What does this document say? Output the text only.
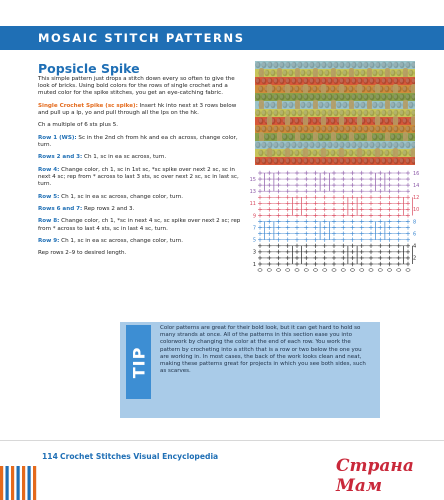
MOSAIC STITCH PATTERNS
Popsicle Spike

This simple pattern just drops a stitch down every so often to give the look of bricks. Using bold colors for the rows of single crochet and a muted color for the spike stitches, you get an eye-catching fabric.

Single Crochet Spike (sc spike): Insert hk into next st 3 rows below and pull up a lp, yo and pull through all the lps on the hk.

Ch a multiple of 6 sts plus 5.

Row 1 (WS): Sc in the 2nd ch from hk and ea ch across, change color, turn.

Rows 2 and 3: Ch 1, sc in ea sc across, turn.

Row 4: Change color, ch 1, sc in 1st sc, *sc spike over next 2 sc, sc in next 4 sc; rep from * across to last 3 sts, sc over next 2 sc, sc in last sc, turn.

Row 5: Ch 1, sc in ea sc across, change color, turn.

Rows 6 and 7: Rep rows 2 and 3.

Row 8: Change color, ch 1, *sc in next 4 sc, sc spike over next 2 sc; rep from * across to last 4 sts, sc in last 4 sc, turn.

Row 9: Ch 1, sc in ea sc across, change color, turn.

Rep rows 2–9 to desired length.

15
13
11
9
7
5
3
1
16
14
12
10
8
6
4
2
TIP
Color patterns are great for their bold look, but it can get hard to hold so many strands at once. All of the patterns in this section ease you into colorwork by changing the color at the end of each row. You work the pattern by crocheting into a stitch that is a row or two below the one you are working in. In most cases, the back of the work looks clean and neat, making these patterns great for projects in which you see both sides, such as scarves.
114 Crochet Stitches Visual Encyclopedia	Страна Мам
